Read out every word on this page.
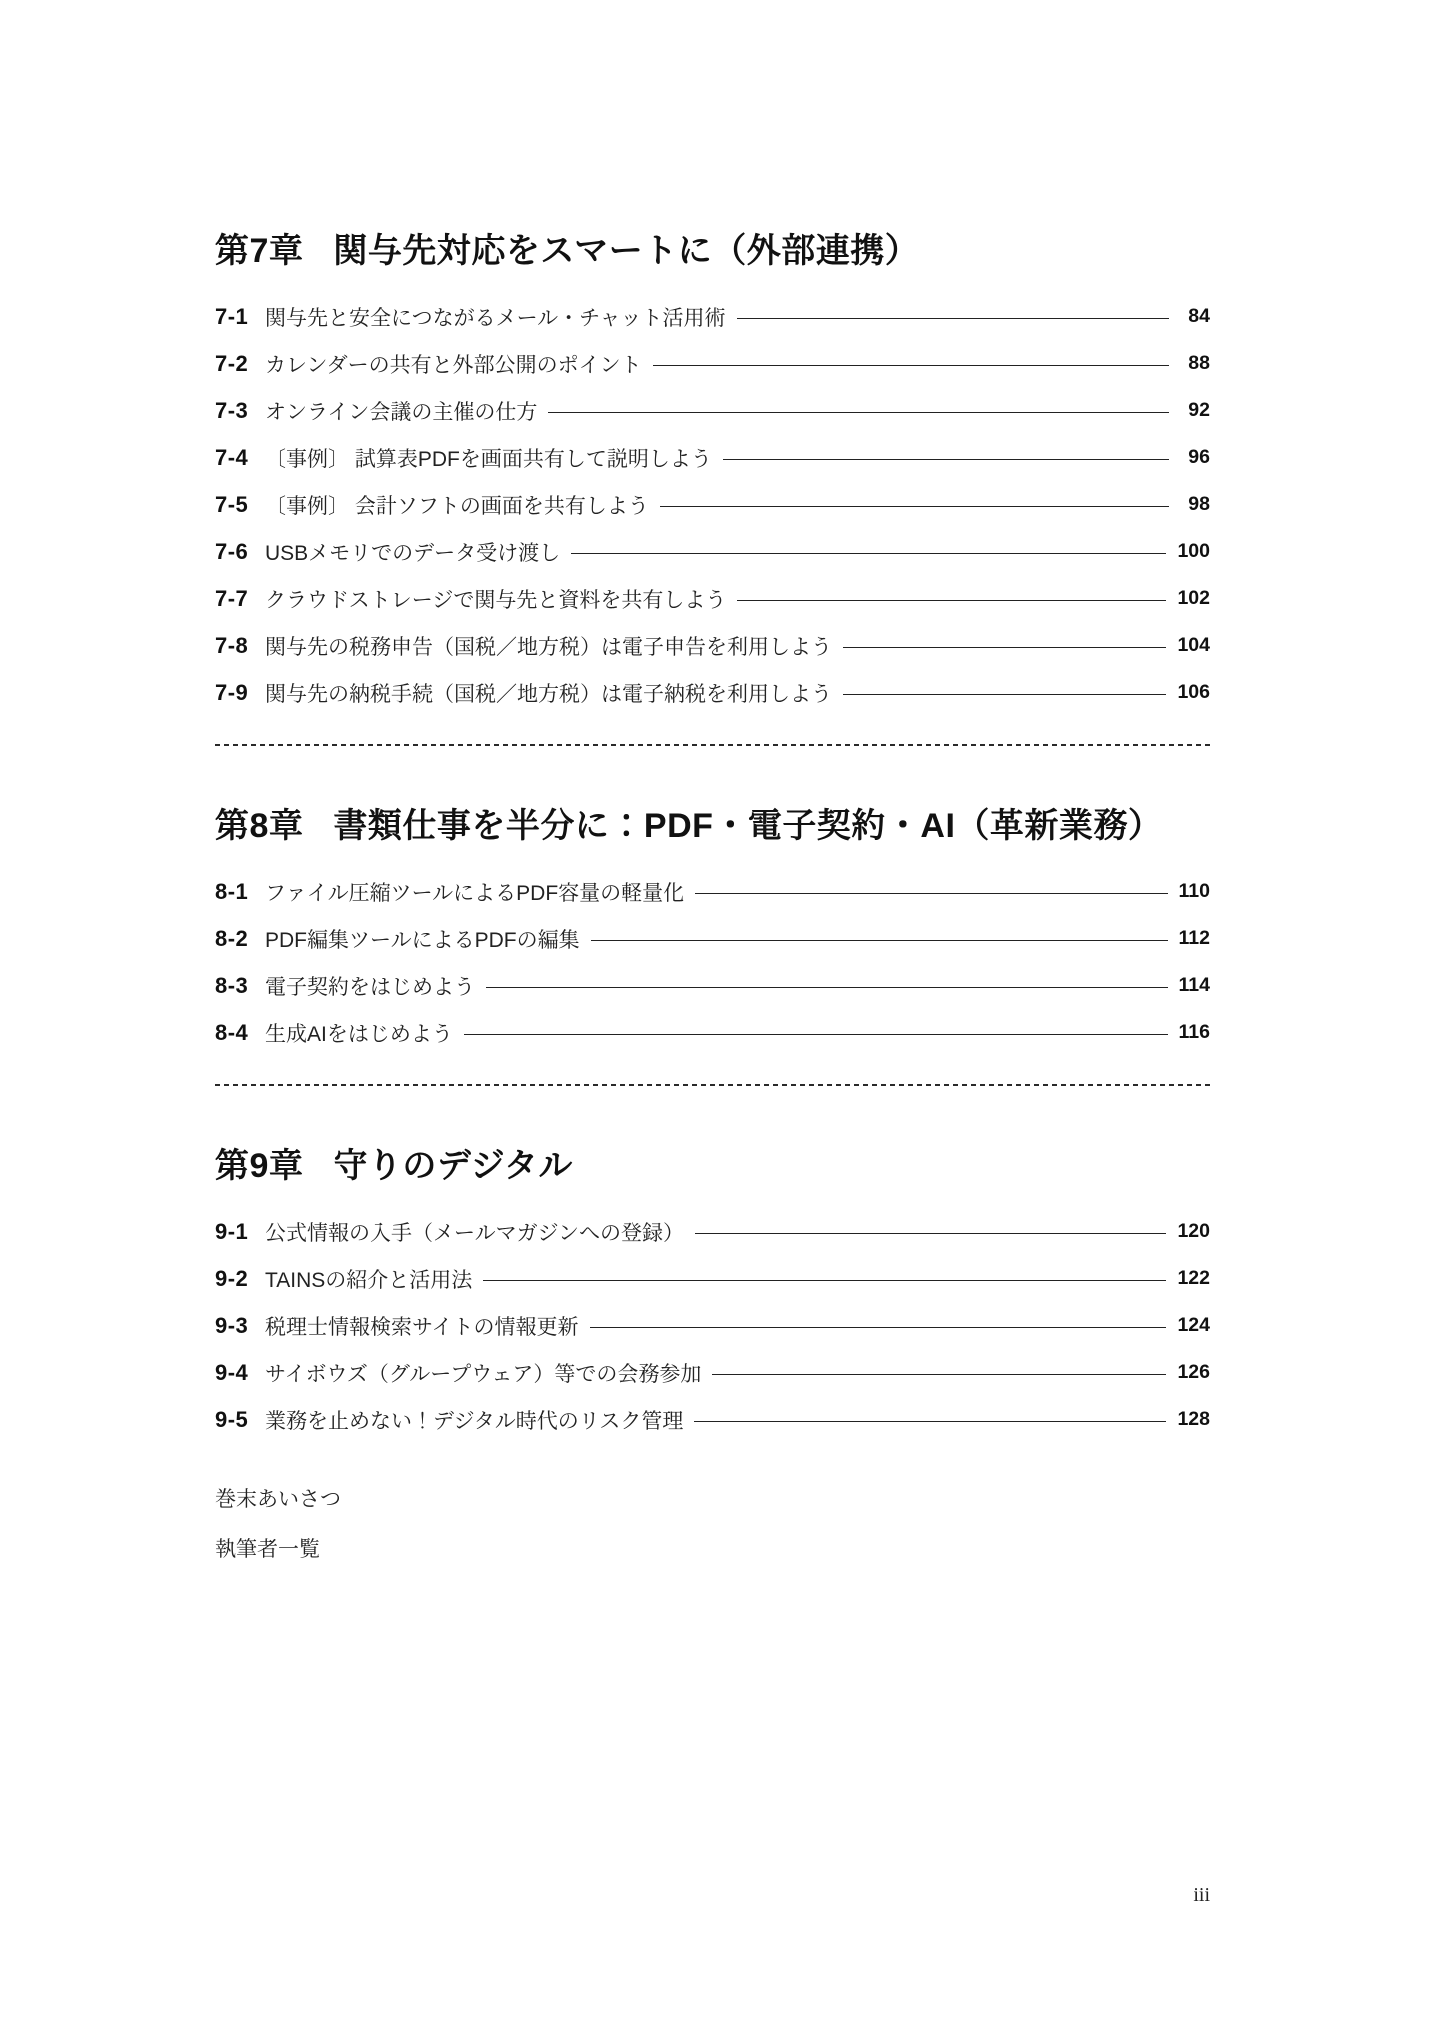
第7章 関与先対応をスマートに（外部連携）
7-1 関与先と安全につながるメール・チャット活用術	84
7-2 カレンダーの共有と外部公開のポイント	88
7-3 オンライン会議の主催の仕方	92
7-4 〔事例〕 試算表PDFを画面共有して説明しよう	96
7-5 〔事例〕 会計ソフトの画面を共有しよう	98
7-6 USBメモリでのデータ受け渡し	100
7-7 クラウドストレージで関与先と資料を共有しよう	102
7-8 関与先の税務申告（国税／地方税）は電子申告を利用しよう	104
7-9 関与先の納税手続（国税／地方税）は電子納税を利用しよう	106
第8章 書類仕事を半分に：PDF・電子契約・AI（革新業務）
8-1 ファイル圧縮ツールによるPDF容量の軽量化	110
8-2 PDF編集ツールによるPDFの編集	112
8-3 電子契約をはじめよう	114
8-4 生成AIをはじめよう	116
第9章 守りのデジタル
9-1 公式情報の入手（メールマガジンへの登録）	120
9-2 TAINSの紹介と活用法	122
9-3 税理士情報検索サイトの情報更新	124
9-4 サイボウズ（グループウェア）等での会務参加	126
9-5 業務を止めない！デジタル時代のリスク管理	128
巻末あいさつ
執筆者一覧
iii
